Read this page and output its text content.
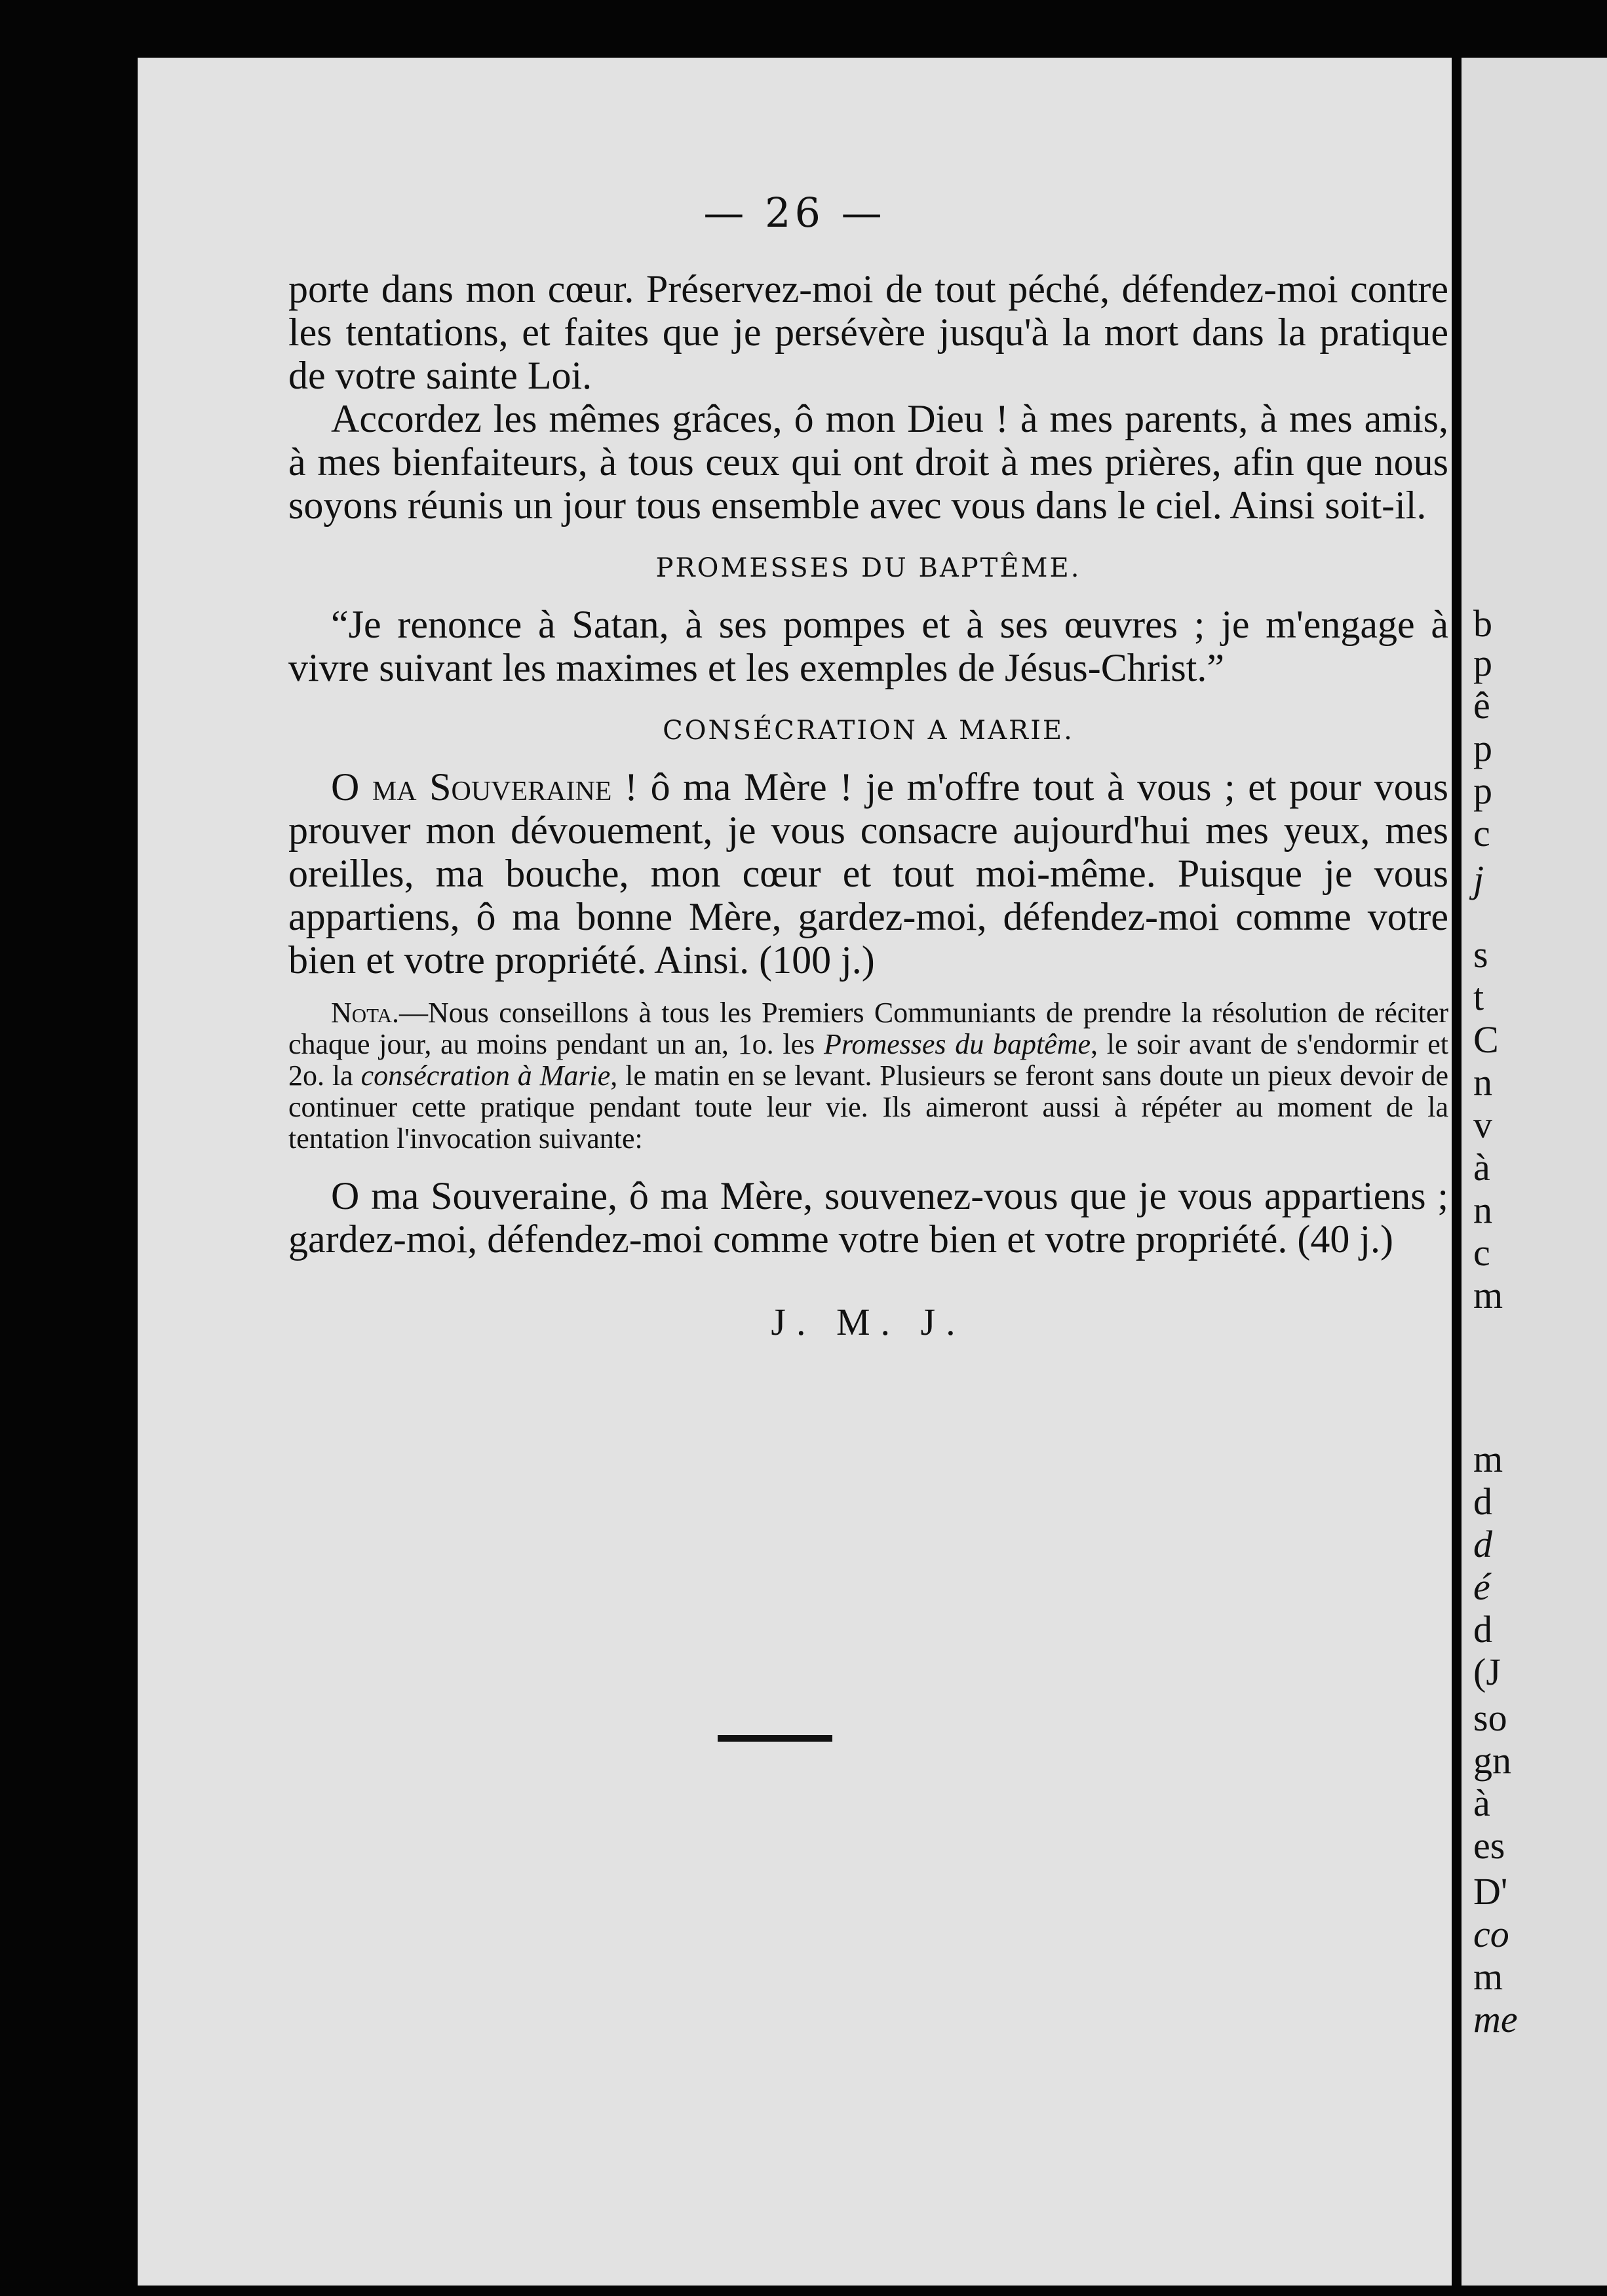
— 26 —

porte dans mon cœur. Préservez-moi de tout péché, défendez-moi contre les tentations, et faites que je persévère jusqu'à la mort dans la pratique de votre sainte Loi.

Accordez les mêmes grâces, ô mon Dieu ! à mes parents, à mes amis, à mes bienfaiteurs, à tous ceux qui ont droit à mes prières, afin que nous soyons réunis un jour tous ensemble avec vous dans le ciel. Ainsi soit-il.

PROMESSES DU BAPTÊME.

“Je renonce à Satan, à ses pompes et à ses œuvres ; je m'engage à vivre suivant les maximes et les exemples de Jésus-Christ.”

CONSÉCRATION A MARIE.

O ma Souveraine ! ô ma Mère ! je m'offre tout à vous ; et pour vous prouver mon dévouement, je vous consacre aujourd'hui mes yeux, mes oreilles, ma bouche, mon cœur et tout moi-même. Puisque je vous appartiens, ô ma bonne Mère, gardez-moi, défendez-moi comme votre bien et votre propriété. Ainsi. (100 j.)

Nota.—Nous conseillons à tous les Premiers Communiants de prendre la résolution de réciter chaque jour, au moins pendant un an, 1o. les Promesses du baptême, le soir avant de s'endormir et 2o. la consécration à Marie, le matin en se levant. Plusieurs se feront sans doute un pieux devoir de continuer cette pratique pendant toute leur vie. Ils aimeront aussi à répéter au moment de la tentation l'invocation suivante:

O ma Souveraine, ô ma Mère, souvenez-vous que je vous appartiens ; gardez-moi, défendez-moi comme votre bien et votre propriété. (40 j.)

J. M. J.
b
p
ê
p
p
c
j
s
t
C
n
v
à
n
c
m
m
d
d
é
d
(J
so
gn
à
es
D'
co
m
me
